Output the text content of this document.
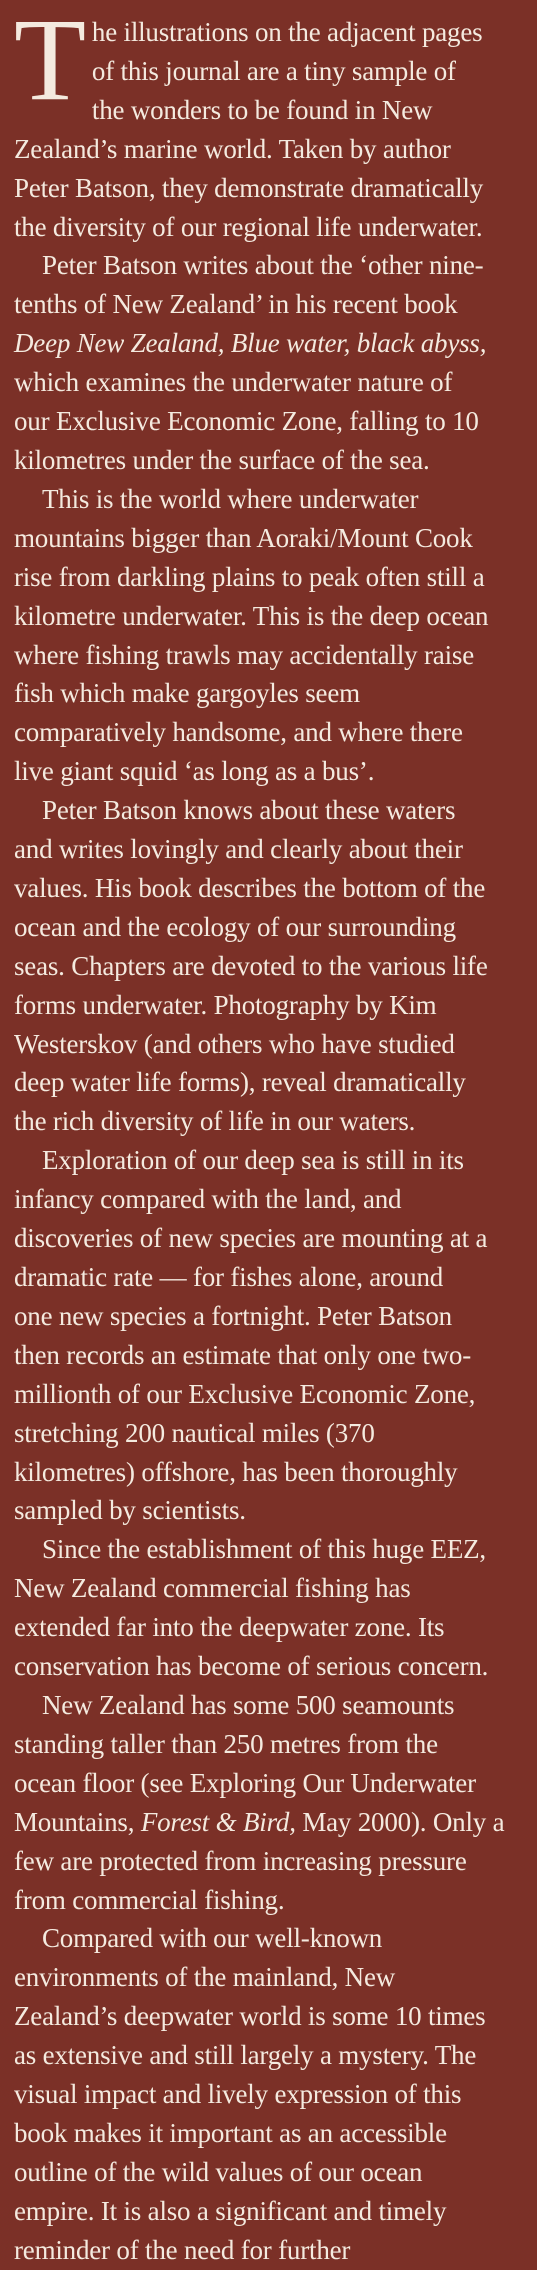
T he illustrations on the adjacent pages
of this journal are a tiny sample of
the wonders to be found in New
Zealand’s marine world. Taken by author
Peter Batson, they demonstrate dramatically
the diversity of our regional life underwater.

Peter Batson writes about the ‘other nine-
tenths of New Zealand’ in his recent book
Deep New Zealand, Blue water, black abyss,
which examines the underwater nature of
our Exclusive Economic Zone, falling to 10
kilometres under the surface of the sea.

This is the world where underwater
mountains bigger than Aoraki/Mount Cook
rise from darkling plains to peak often still a
kilometre underwater. This is the deep ocean
where fishing trawls may accidentally raise
fish which make gargoyles seem
comparatively handsome, and where there
live giant squid ‘as long as a bus’.

Peter Batson knows about these waters
and writes lovingly and clearly about their
values. His book describes the bottom of the
ocean and the ecology of our surrounding
seas. Chapters are devoted to the various life
forms underwater. Photography by Kim
Westerskov (and others who have studied
deep water life forms), reveal dramatically
the rich diversity of life in our waters.

Exploration of our deep sea is still in its
infancy compared with the land, and
discoveries of new species are mounting at a
dramatic rate — for fishes alone, around
one new species a fortnight. Peter Batson
then records an estimate that only one two-
millionth of our Exclusive Economic Zone,
stretching 200 nautical miles (370
kilometres) offshore, has been thoroughly
sampled by scientists.

Since the establishment of this huge EEZ,
New Zealand commercial fishing has
extended far into the deepwater zone. Its
conservation has become of serious concern.

New Zealand has some 500 seamounts
standing taller than 250 metres from the
ocean floor (see Exploring Our Underwater
Mountains, Forest & Bird, May 2000). Only a
few are protected from increasing pressure
from commercial fishing.

Compared with our well-known
environments of the mainland, New
Zealand’s deepwater world is some 10 times
as extensive and still largely a mystery. The
visual impact and lively expression of this
book makes it important as an accessible
outline of the wild values of our ocean
empire. It is also a significant and timely
reminder of the need for further
